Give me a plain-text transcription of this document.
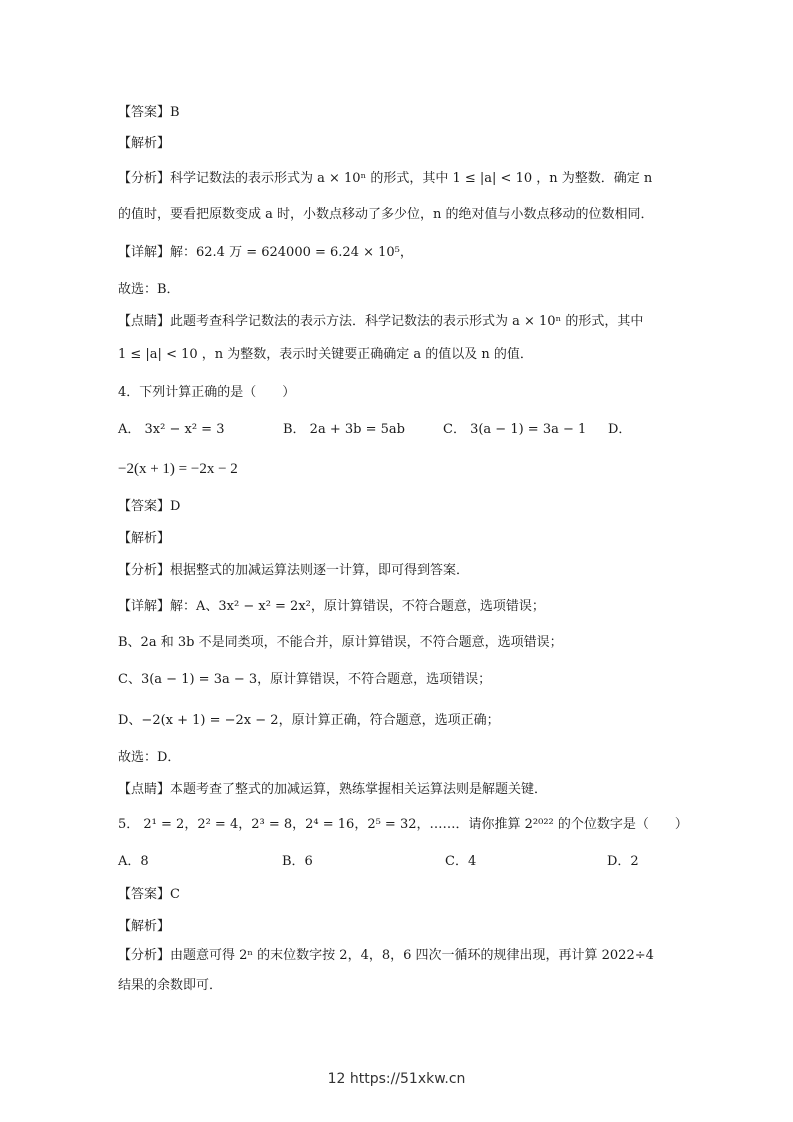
【答案】B
【解析】
【分析】科学记数法的表示形式为 a × 10ⁿ 的形式，其中 1 ≤ |a| < 10 ，n 为整数．确定 n
的值时，要看把原数变成 a 时，小数点移动了多少位，n 的绝对值与小数点移动的位数相同．
【详解】解：62.4 万 = 624000 = 6.24 × 10⁵，
故选：B．
【点睛】此题考查科学记数法的表示方法．科学记数法的表示形式为 a × 10ⁿ 的形式，其中
1 ≤ |a| < 10 ，n 为整数，表示时关键要正确确定 a 的值以及 n 的值．
4．下列计算正确的是（　　）
A． 3x² − x² = 3	B． 2a + 3b = 5ab	C． 3(a − 1) = 3a − 1 D．
−2(x + 1) = −2x − 2
【答案】D
【解析】
【分析】根据整式的加减运算法则逐一计算，即可得到答案．
【详解】解：A、3x² − x² = 2x²，原计算错误，不符合题意，选项错误；
B、2a 和 3b 不是同类项，不能合并，原计算错误，不符合题意，选项错误；
C、3(a − 1) = 3a − 3，原计算错误，不符合题意，选项错误；
D、−2(x + 1) = −2x − 2，原计算正确，符合题意，选项正确；
故选：D．
【点睛】本题考查了整式的加减运算，熟练掌握相关运算法则是解题关键．
5． 2¹ = 2，2² = 4，2³ = 8，2⁴ = 16，2⁵ = 32，……．请你推算 2²⁰²² 的个位数字是（　　）
A．8	B．6	C．4	D．2
【答案】C
【解析】
【分析】由题意可得 2ⁿ 的末位数字按 2，4，8，6 四次一循环的规律出现，再计算 2022÷4
结果的余数即可．
12 https://51xkw.cn
